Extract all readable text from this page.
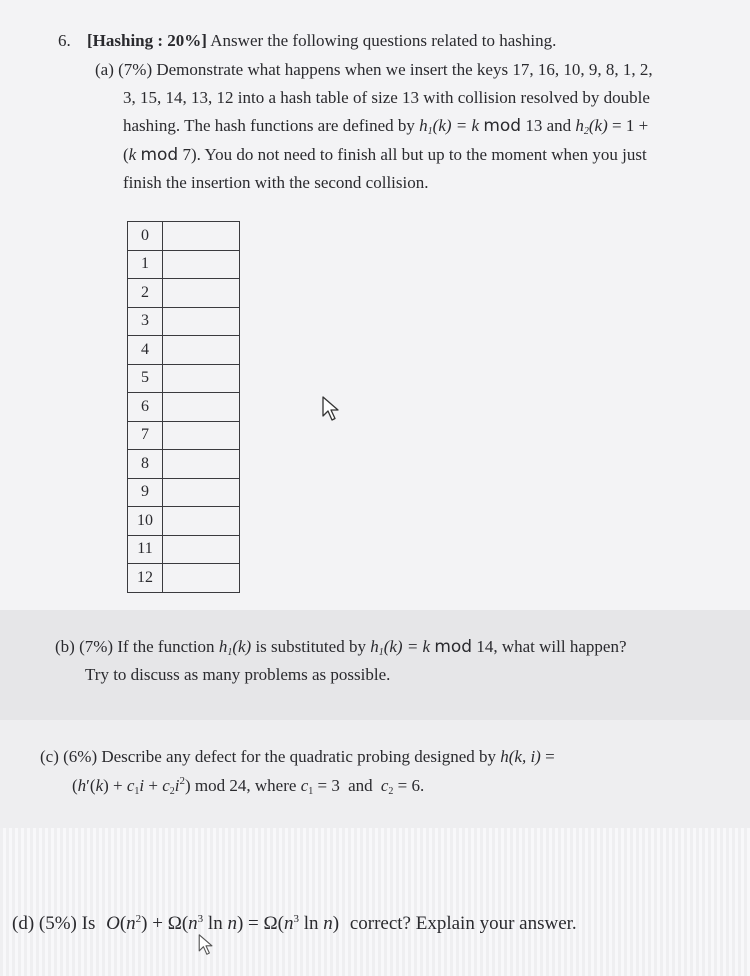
6. [Hashing : 20%] Answer the following questions related to hashing.
(a) (7%) Demonstrate what happens when we insert the keys 17, 16, 10, 9, 8, 1, 2,
3, 15, 14, 13, 12 into a hash table of size 13 with collision resolved by double
hashing. The hash functions are defined by $h_1(k) = k$ mod 13 and $h_2(k) = 1$ +
(k mod 7). You do not need to finish all but up to the moment when you just
finish the insertion with the second collision.
0	
1	
2	
3	
4	
5	
6	
7	
8	
9	
10	
11	
12	
(b) (7%) If the function $h_1(k)$ is substituted by $h_1(k) = k$ mod 14, what will happen?
Try to discuss as many problems as possible.
(c) (6%) Describe any defect for the quadratic probing designed by h(k, i) =
$(h'(k) + c_1i + c_2i^2)$ mod 24, where $c_1 = 3$ and $c_2 = 6$.
(d) (5%) Is $O(n^2) + \Omega(n^3$ $\ln n) = \Omega(n^3$ ln n) correct? Explain your answer.
